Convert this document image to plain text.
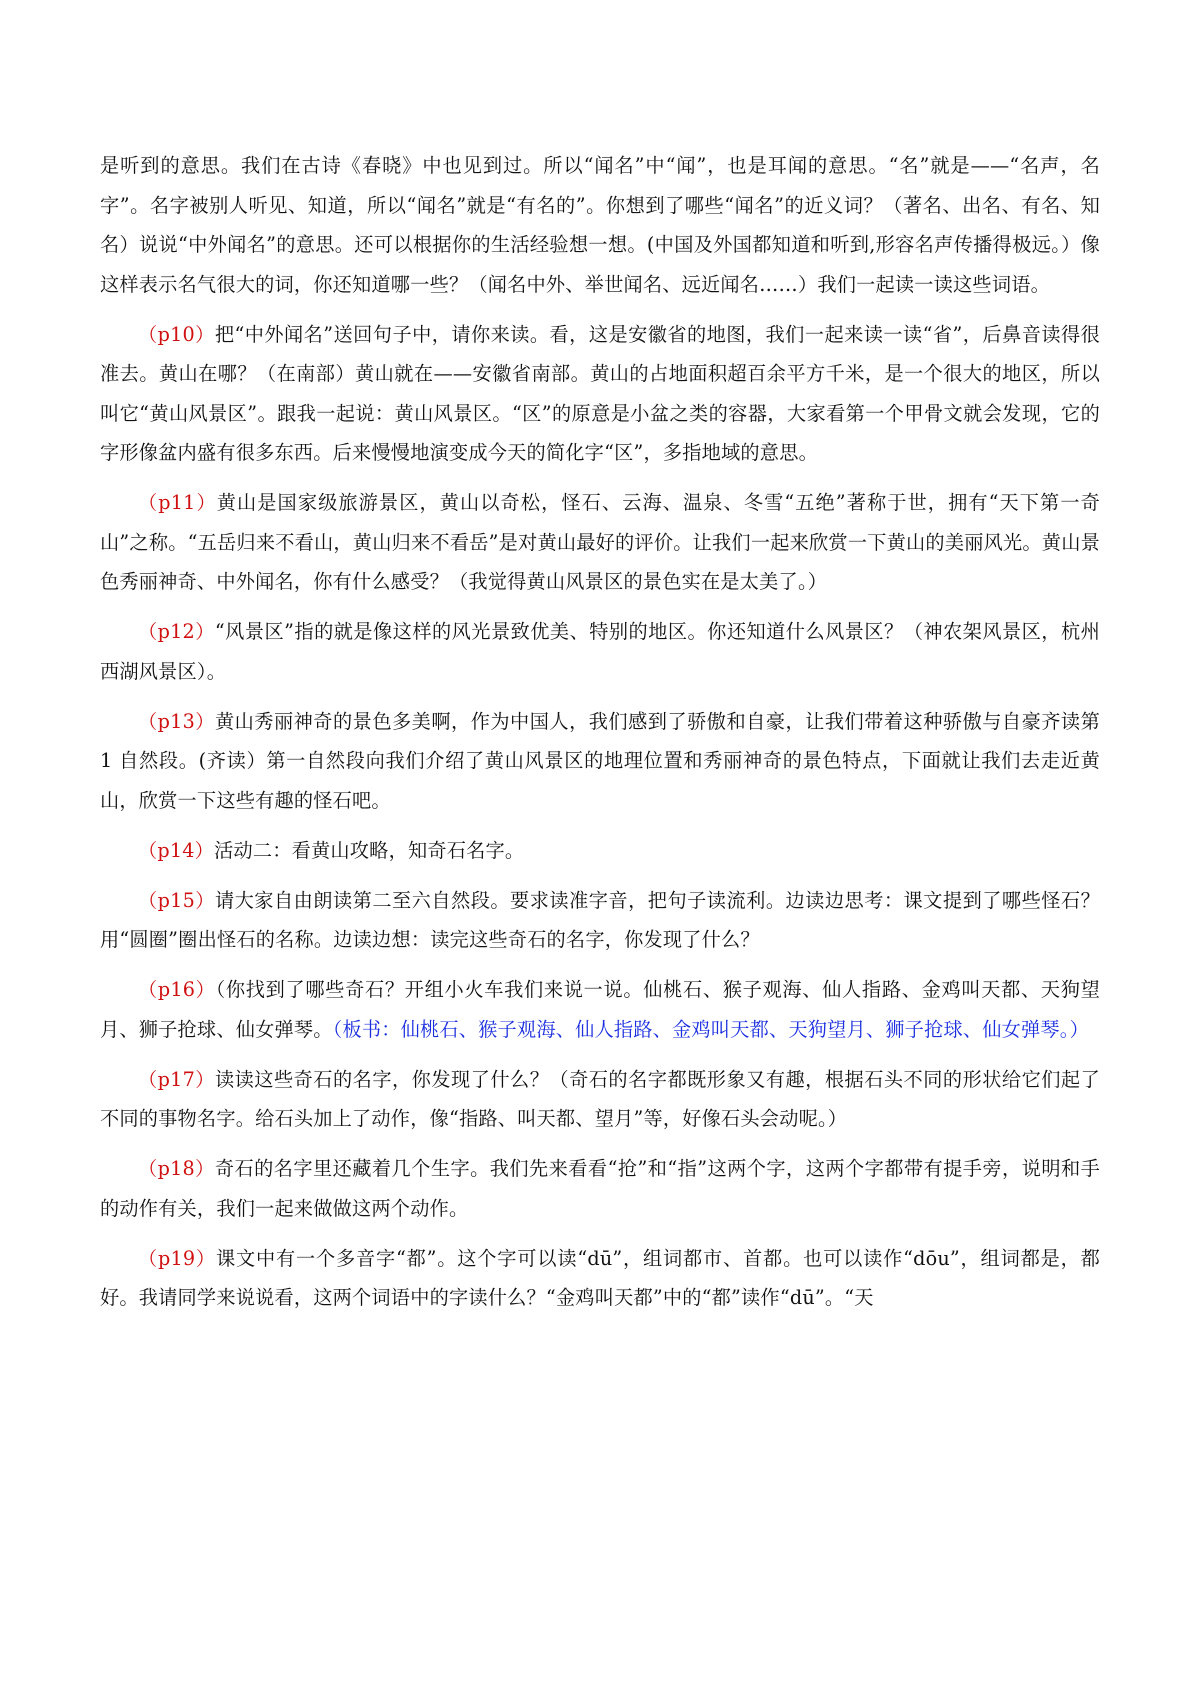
是听到的意思。我们在古诗《春晓》中也见到过。所以“闻名”中“闻”，也是耳闻的意思。“名”就是——“名声，名字”。名字被别人听见、知道，所以“闻名”就是“有名的”。你想到了哪些“闻名”的近义词？（著名、出名、有名、知名）说说“中外闻名”的意思。还可以根据你的生活经验想一想。(中国及外国都知道和听到,形容名声传播得极远。）像这样表示名气很大的词，你还知道哪一些？（闻名中外、举世闻名、远近闻名……）我们一起读一读这些词语。

（p10）把“中外闻名”送回句子中，请你来读。看，这是安徽省的地图，我们一起来读一读“省”，后鼻音读得很准去。黄山在哪？（在南部）黄山就在——安徽省南部。黄山的占地面积超百余平方千米，是一个很大的地区，所以叫它“黄山风景区”。跟我一起说：黄山风景区。“区”的原意是小盆之类的容器，大家看第一个甲骨文就会发现，它的字形像盆内盛有很多东西。后来慢慢地演变成今天的简化字“区”，多指地域的意思。

（p11）黄山是国家级旅游景区，黄山以奇松，怪石、云海、温泉、冬雪“五绝”著称于世，拥有“天下第一奇山”之称。“五岳归来不看山，黄山归来不看岳”是对黄山最好的评价。让我们一起来欣赏一下黄山的美丽风光。黄山景色秀丽神奇、中外闻名，你有什么感受？（我觉得黄山风景区的景色实在是太美了。）

（p12）“风景区”指的就是像这样的风光景致优美、特别的地区。你还知道什么风景区？（神农架风景区，杭州西湖风景区）。

（p13）黄山秀丽神奇的景色多美啊，作为中国人，我们感到了骄傲和自豪，让我们带着这种骄傲与自豪齐读第 1 自然段。(齐读）第一自然段向我们介绍了黄山风景区的地理位置和秀丽神奇的景色特点，下面就让我们去走近黄山，欣赏一下这些有趣的怪石吧。

（p14）活动二：看黄山攻略，知奇石名字。

（p15）请大家自由朗读第二至六自然段。要求读准字音，把句子读流利。边读边思考：课文提到了哪些怪石？用“圆圈”圈出怪石的名称。边读边想：读完这些奇石的名字，你发现了什么？

（p16）（你找到了哪些奇石？开组小火车我们来说一说。仙桃石、猴子观海、仙人指路、金鸡叫天都、天狗望月、狮子抢球、仙女弹琴。（板书：仙桃石、猴子观海、仙人指路、金鸡叫天都、天狗望月、狮子抢球、仙女弹琴。）

（p17）读读这些奇石的名字，你发现了什么？（奇石的名字都既形象又有趣，根据石头不同的形状给它们起了不同的事物名字。给石头加上了动作，像“指路、叫天都、望月”等，好像石头会动呢。）

（p18）奇石的名字里还藏着几个生字。我们先来看看“抢”和“指”这两个字，这两个字都带有提手旁，说明和手的动作有关，我们一起来做做这两个动作。

（p19）课文中有一个多音字“都”。这个字可以读“dū”，组词都市、首都。也可以读作“dōu”，组词都是，都好。我请同学来说说看，这两个词语中的字读什么？“金鸡叫天都”中的“都”读作“dū”。“天
